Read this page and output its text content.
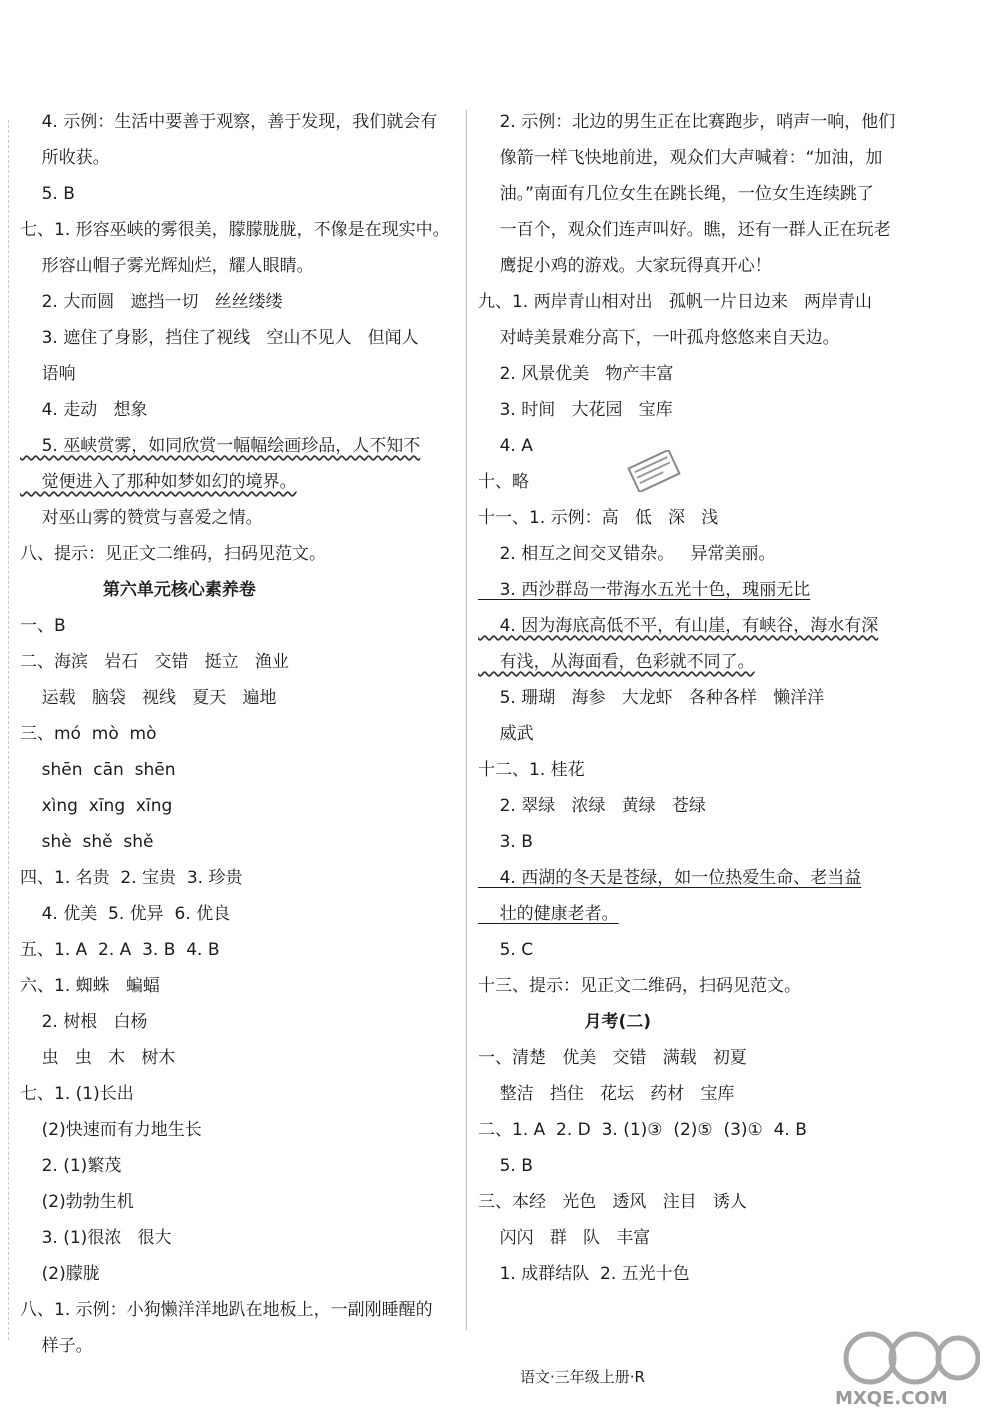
4. 示例：生活中要善于观察，善于发现，我们就会有
所收获。
5. B
七、1. 形容巫峡的雾很美，朦朦胧胧，不像是在现实中。
形容山帽子雾光辉灿烂，耀人眼睛。
2. 大而圆   遮挡一切   丝丝缕缕
3. 遮住了身影，挡住了视线   空山不见人   但闻人
语响
4. 走动   想象
5. 巫峡赏雾，如同欣赏一幅幅绘画珍品，人不知不
觉便进入了那种如梦如幻的境界。
对巫山雾的赞赏与喜爱之情。
八、提示：见正文二维码，扫码见范文。
第六单元核心素养卷
一、B
二、海滨   岩石   交错   挺立   渔业
运载   脑袋   视线   夏天   遍地
三、mó  mò  mò
shēn  cān  shēn
xìng  xīng  xīng
shè  shě  shě
四、1. 名贵  2. 宝贵  3. 珍贵
4. 优美  5. 优异  6. 优良
五、1. A  2. A  3. B  4. B
六、1. 蜘蛛   蝙蝠
2. 树根   白杨
虫   虫   木   树木
七、1. (1)长出
(2)快速而有力地生长
2. (1)繁茂
(2)勃勃生机
3. (1)很浓   很大
(2)朦胧
八、1. 示例：小狗懒洋洋地趴在地板上，一副刚睡醒的
样子。
2. 示例：北边的男生正在比赛跑步，哨声一响，他们
像箭一样飞快地前进，观众们大声喊着：“加油，加
油。”南面有几位女生在跳长绳，一位女生连续跳了
一百个，观众们连声叫好。瞧，还有一群人正在玩老
鹰捉小鸡的游戏。大家玩得真开心！
九、1. 两岸青山相对出   孤帆一片日边来   两岸青山
对峙美景难分高下，一叶孤舟悠悠来自天边。
2. 风景优美   物产丰富
3. 时间   大花园   宝库
4. A
十、略
十一、1. 示例：高   低   深   浅
2. 相互之间交叉错杂。   异常美丽。
3. 西沙群岛一带海水五光十色，瑰丽无比
4. 因为海底高低不平，有山崖，有峡谷，海水有深
有浅，从海面看，色彩就不同了。
5. 珊瑚   海参   大龙虾   各种各样   懒洋洋
威武
十二、1. 桂花
2. 翠绿   浓绿   黄绿   苍绿
3. B
4. 西湖的冬天是苍绿，如一位热爱生命、老当益
壮的健康老者。
5. C
十三、提示：见正文二维码，扫码见范文。
月考(二)
一、清楚   优美   交错   满载   初夏
整洁   挡住   花坛   药材   宝库
二、1. A  2. D  3. (1)③  (2)⑤  (3)①  4. B
5. B
三、本经   光色   透风   注目   诱人
闪闪   群   队   丰富
1. 成群结队  2. 五光十色
语文·三年级上册·R
MXQE.COM
